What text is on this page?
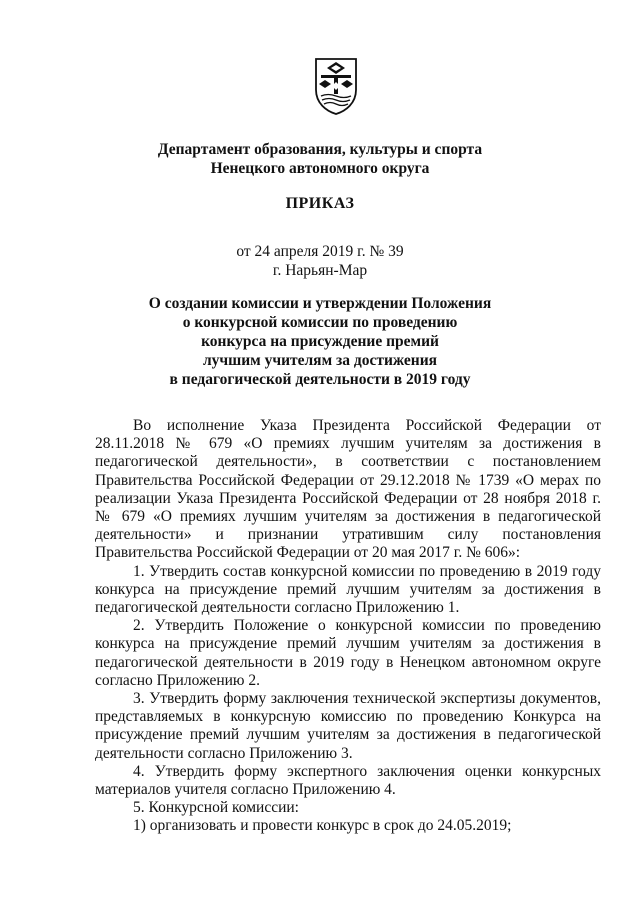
Департамент образования, культуры и спорта
Ненецкого автономного округа
ПРИКАЗ
от 24 апреля 2019 г. № 39
г. Нарьян-Мар
О создании комиссии и утверждении Положения
о конкурсной комиссии по проведению
конкурса на присуждение премий
лучшим учителям за достижения
в педагогической деятельности в 2019 году

Во исполнение Указа Президента Российской Федерации от 28.11.2018 № 679 «О премиях лучшим учителям за достижения в педагогической деятельности», в соответствии с постановлением Правительства Российской Федерации от 29.12.2018 № 1739 «О мерах по реализации Указа Президента Российской Федерации от 28 ноября 2018 г. № 679 «О премиях лучшим учителям за достижения в педагогической деятельности» и признании утратившим силу постановления Правительства Российской Федерации от 20 мая 2017 г. № 606»:

1. Утвердить состав конкурсной комиссии по проведению в 2019 году конкурса на присуждение премий лучшим учителям за достижения в педагогической деятельности согласно Приложению 1.

2. Утвердить Положение о конкурсной комиссии по проведению конкурса на присуждение премий лучшим учителям за достижения в педагогической деятельности в 2019 году в Ненецком автономном округе согласно Приложению 2.

3. Утвердить форму заключения технической экспертизы документов, представляемых в конкурсную комиссию по проведению Конкурса на присуждение премий лучшим учителям за достижения в педагогической деятельности согласно Приложению 3.

4. Утвердить форму экспертного заключения оценки конкурсных материалов учителя согласно Приложению 4.

5. Конкурсной комиссии:

1) организовать и провести конкурс в срок до 24.05.2019;
